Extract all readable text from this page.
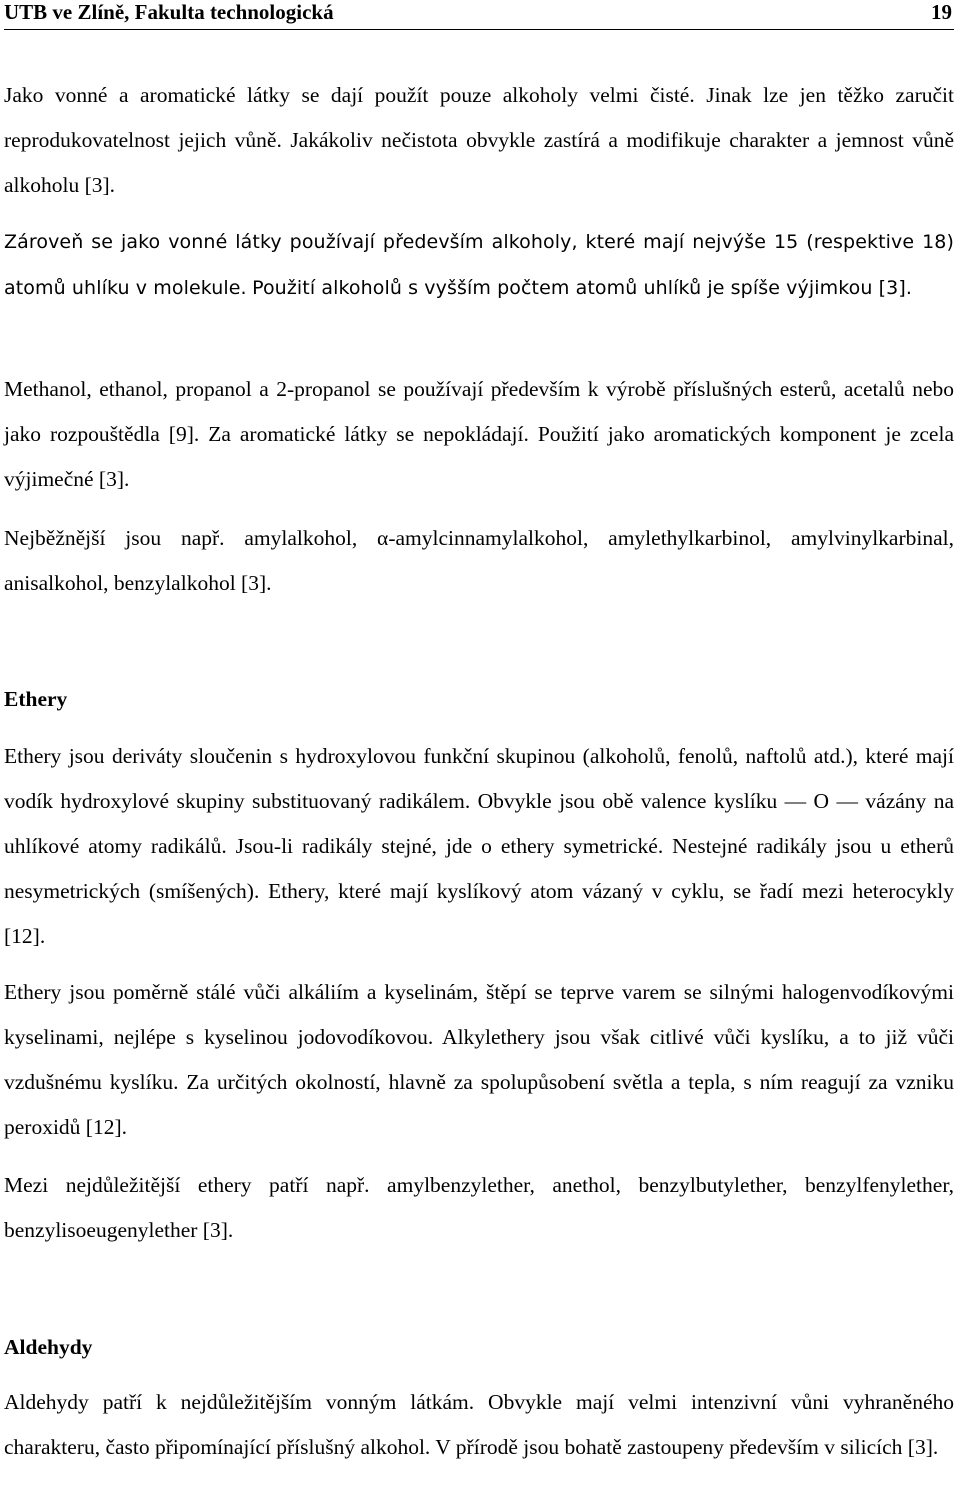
UTB ve Zlíně, Fakulta technologická	19

Jako vonné a aromatické látky se dají použít pouze alkoholy velmi čisté. Jinak lze jen těžko zaručit reprodukovatelnost jejich vůně. Jakákoliv nečistota obvykle zastírá a modifikuje charakter a jemnost vůně alkoholu [3].

Zároveň se jako vonné látky používají především alkoholy, které mají nejvýše 15 (respektive 18) atomů uhlíku v molekule. Použití alkoholů s vyšším počtem atomů uhlíků je spíše výjimkou [3].

Methanol, ethanol, propanol a 2-propanol se používají především k výrobě příslušných esterů, acetalů nebo jako rozpouštědla [9]. Za aromatické látky se nepokládají. Použití jako aromatických komponent je zcela výjimečné [3].

Nejběžnější jsou např. amylalkohol, α-amylcinnamylalkohol, amylethylkarbinol, amylvinylkarbinal, anisalkohol, benzylalkohol [3].

Ethery

Ethery jsou deriváty sloučenin s hydroxylovou funkční skupinou (alkoholů, fenolů, naftolů atd.), které mají vodík hydroxylové skupiny substituovaný radikálem. Obvykle jsou obě valence kyslíku — O — vázány na uhlíkové atomy radikálů. Jsou-li radikály stejné, jde o ethery symetrické. Nestejné radikály jsou u etherů nesymetrických (smíšených). Ethery, které mají kyslíkový atom vázaný v cyklu, se řadí mezi heterocykly [12].

Ethery jsou poměrně stálé vůči alkáliím a kyselinám, štěpí se teprve varem se silnými halogenvodíkovými kyselinami, nejlépe s kyselinou jodovodíkovou. Alkylethery jsou však citlivé vůči kyslíku, a to již vůči vzdušnému kyslíku. Za určitých okolností, hlavně za spolupůsobení světla a tepla, s ním reagují za vzniku peroxidů [12].

Mezi nejdůležitější ethery patří např. amylbenzylether, anethol, benzylbutylether, benzylfenylether, benzylisoeugenylether [3].

Aldehydy

Aldehydy patří k nejdůležitějším vonným látkám. Obvykle mají velmi intenzivní vůni vyhraněného charakteru, často připomínající příslušný alkohol. V přírodě jsou bohatě zastoupeny především v silicích [3].
